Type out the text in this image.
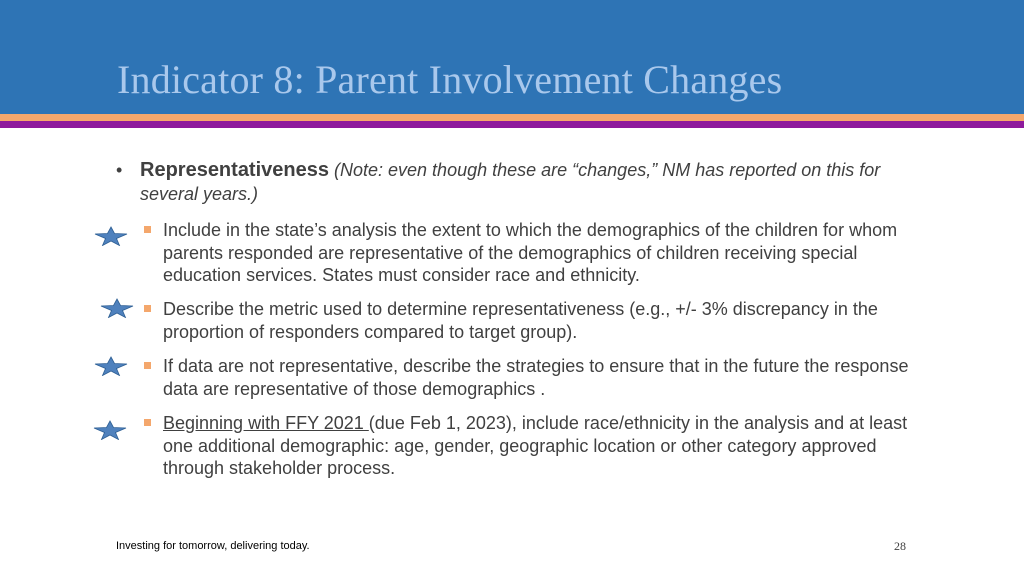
Indicator 8: Parent Involvement Changes
• Representativeness (Note: even though these are “changes,” NM has reported on this for several years.)
Include in the state’s analysis the extent to which the demographics of the children for whom parents responded are representative of the demographics of children receiving special education services. States must consider race and ethnicity.
Describe the metric used to determine representativeness (e.g., +/- 3% discrepancy in the proportion of responders compared to target group).
If data are not representative, describe the strategies to ensure that in the future the response data are representative of those demographics .
Beginning with FFY 2021 (due Feb 1, 2023), include race/ethnicity in the analysis and at least one additional demographic: age, gender, geographic location or other category approved through stakeholder process.
Investing for tomorrow, delivering today.	28
